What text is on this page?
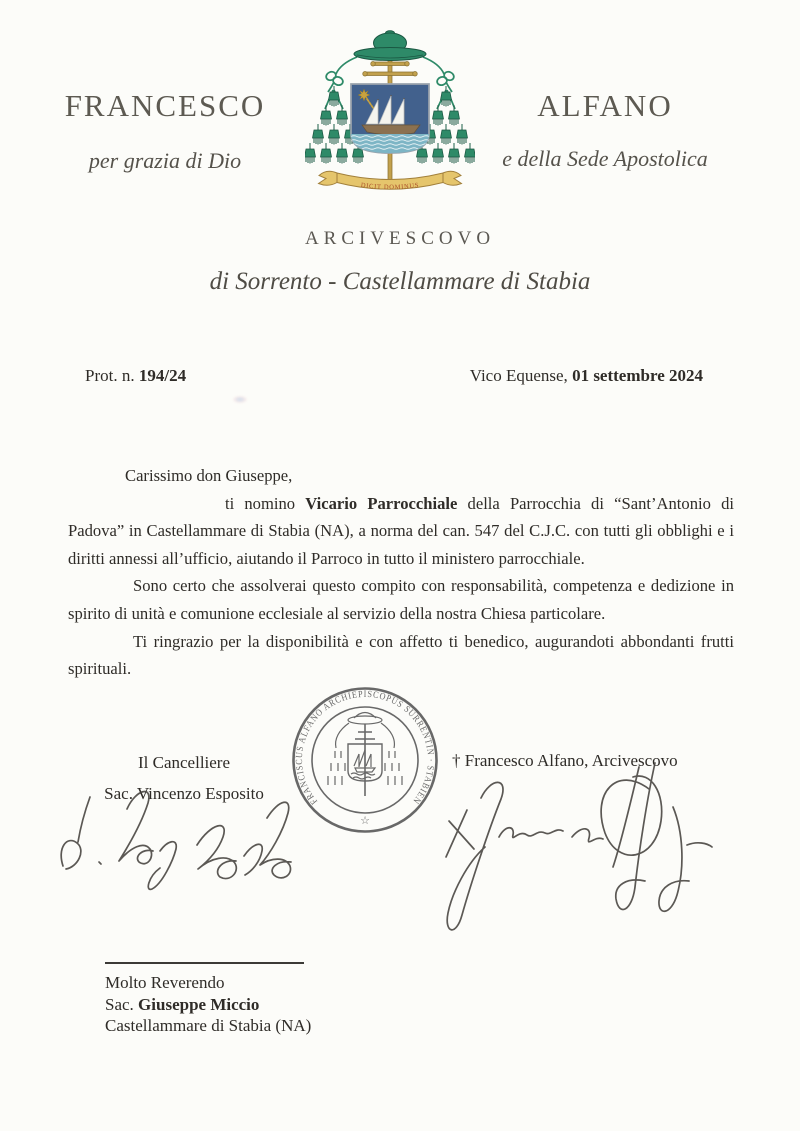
DICIT DOMINUS
FRANCESCO	ALFANO
per grazia di Dio	e della Sede Apostolica
ARCIVESCOVO
di Sorrento - Castellammare di Stabia
Prot. n. 194/24	Vico Equense, 01 settembre 2024

Carissimo don Giuseppe,

ti nomino Vicario Parrocchiale della Parrocchia di “Sant’Antonio di Padova” in Castellammare di Stabia (NA), a norma del can. 547 del C.J.C. con tutti gli obblighi e i diritti annessi all’ufficio, aiutando il Parroco in tutto il ministero parrocchiale.

Sono certo che assolverai questo compito con responsabilità, competenza e dedizione in spirito di unità e comunione ecclesiale al servizio della nostra Chiesa particolare.

Ti ringrazio per la disponibilità e con affetto ti benedico, augurandoti abbondanti frutti spirituali.

FRANCISCUS ALFANO ARCHIEPISCOPUS SURRENTIN · STABIEN
☆
Il Cancelliere
Sac. Vincenzo Esposito
† Francesco Alfano, Arcivescovo
Molto Reverendo
Sac. Giuseppe Miccio
Castellammare di Stabia (NA)
